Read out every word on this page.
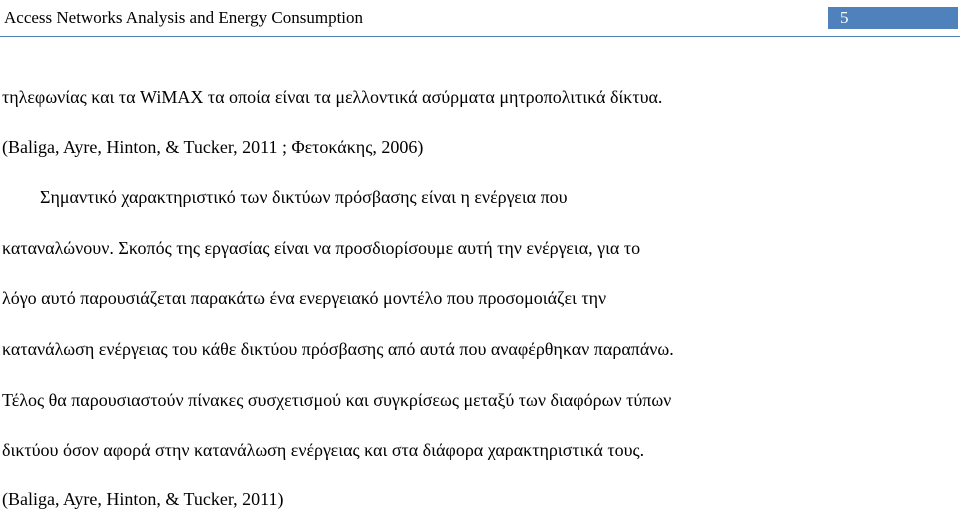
Access Networks Analysis and Energy Consumption	5
τηλεφωνίας και τα WiMAX τα οποία είναι τα μελλοντικά ασύρματα μητροπολιτικά δίκτυα.
(Baliga, Ayre, Hinton, & Tucker, 2011 ; Φετοκάκης, 2006)
Σημαντικό χαρακτηριστικό των δικτύων πρόσβασης είναι η ενέργεια που
καταναλώνουν. Σκοπός της εργασίας είναι να προσδιορίσουμε αυτή την ενέργεια, για το
λόγο αυτό παρουσιάζεται παρακάτω ένα ενεργειακό μοντέλο που προσομοιάζει την
κατανάλωση ενέργειας του κάθε δικτύου πρόσβασης από αυτά που αναφέρθηκαν παραπάνω.
Τέλος θα παρουσιαστούν πίνακες συσχετισμού και συγκρίσεως μεταξύ των διαφόρων τύπων
δικτύου όσον αφορά στην κατανάλωση ενέργειας και στα διάφορα χαρακτηριστικά τους.
(Baliga, Ayre, Hinton, & Tucker, 2011)
